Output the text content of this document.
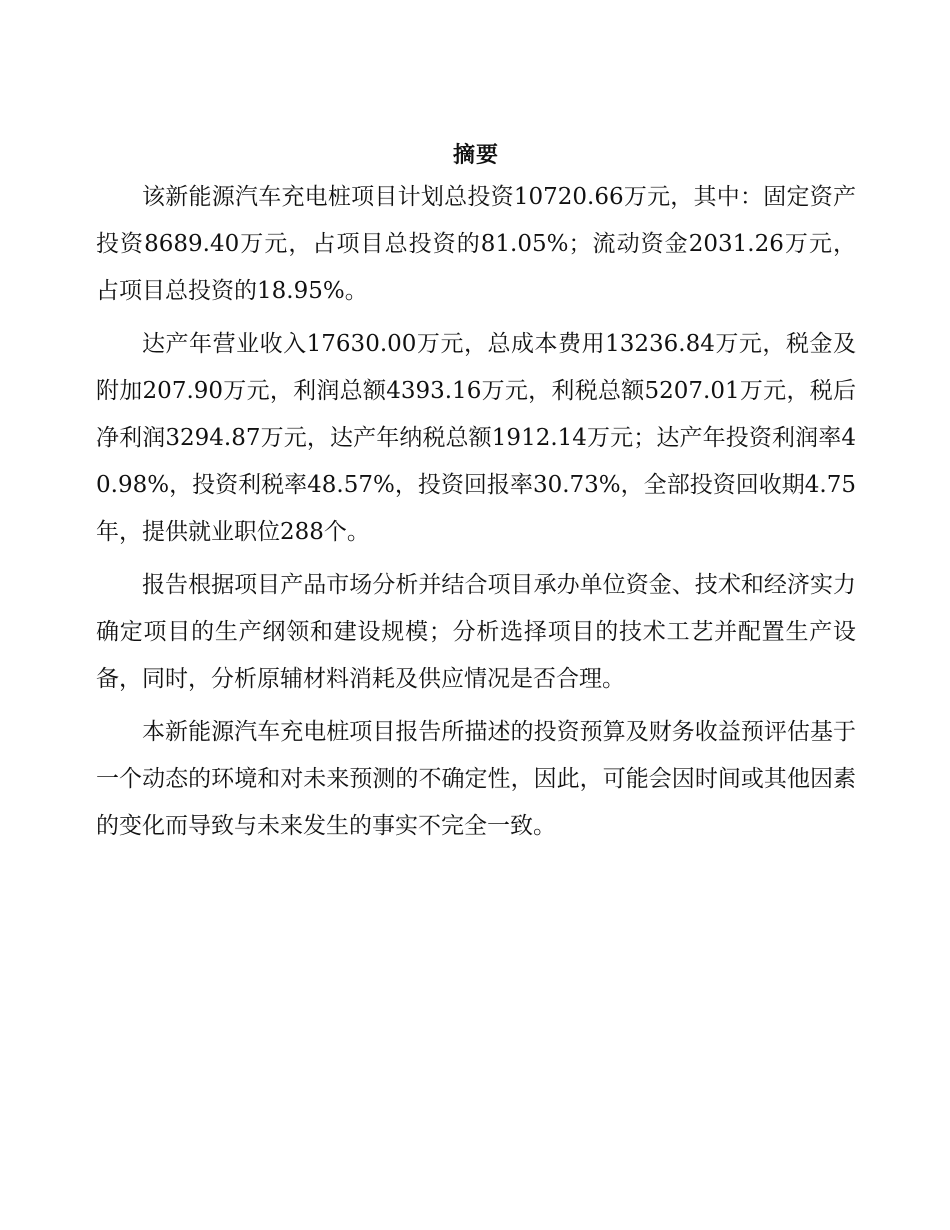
摘要

该新能源汽车充电桩项目计划总投资10720.66万元，其中：固定资产投资8689.40万元，占项目总投资的81.05%；流动资金2031.26万元，占项目总投资的18.95%。

达产年营业收入17630.00万元，总成本费用13236.84万元，税金及附加207.90万元，利润总额4393.16万元，利税总额5207.01万元，税后净利润3294.87万元，达产年纳税总额1912.14万元；达产年投资利润率40.98%，投资利税率48.57%，投资回报率30.73%，全部投资回收期4.75年，提供就业职位288个。

报告根据项目产品市场分析并结合项目承办单位资金、技术和经济实力确定项目的生产纲领和建设规模；分析选择项目的技术工艺并配置生产设备，同时，分析原辅材料消耗及供应情况是否合理。

本新能源汽车充电桩项目报告所描述的投资预算及财务收益预评估基于一个动态的环境和对未来预测的不确定性，因此，可能会因时间或其他因素的变化而导致与未来发生的事实不完全一致。
